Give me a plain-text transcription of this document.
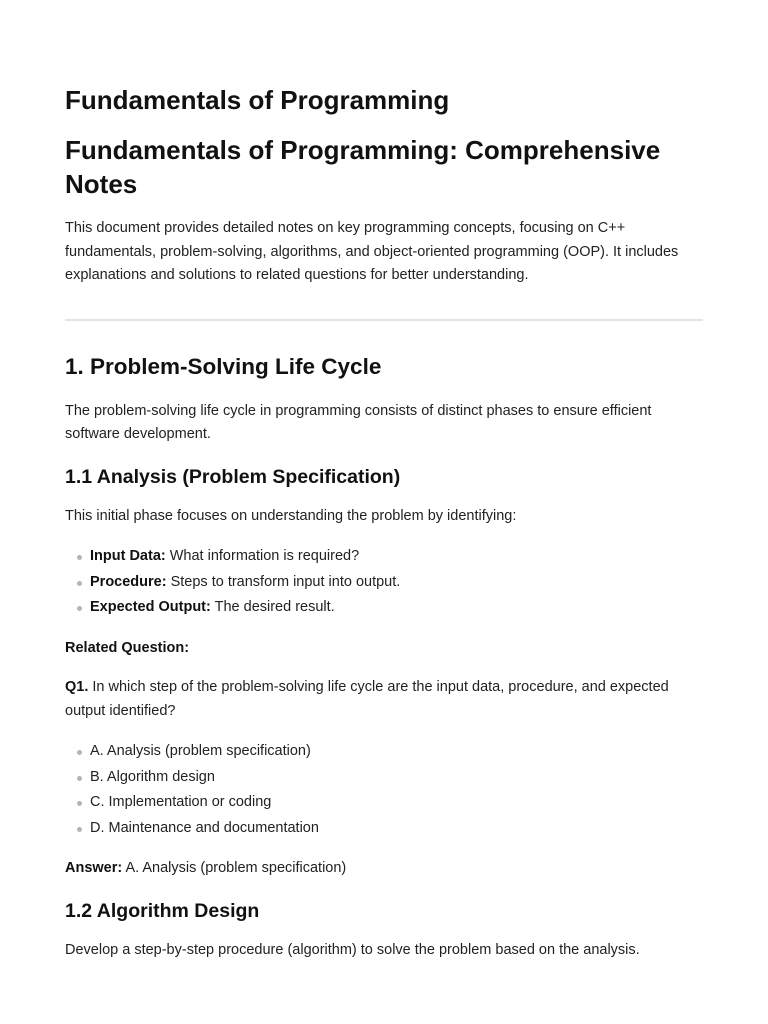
Fundamentals of Programming
Fundamentals of Programming: Comprehensive Notes

This document provides detailed notes on key programming concepts, focusing on C++ fundamentals, problem-solving, algorithms, and object-oriented programming (OOP). It includes explanations and solutions to related questions for better understanding.

1. Problem-Solving Life Cycle

The problem-solving life cycle in programming consists of distinct phases to ensure efficient software development.

1.1 Analysis (Problem Specification)

This initial phase focuses on understanding the problem by identifying:

Input Data: What information is required?
Procedure: Steps to transform input into output.
Expected Output: The desired result.

Related Question:

Q1. In which step of the problem-solving life cycle are the input data, procedure, and expected output identified?

A. Analysis (problem specification)
B. Algorithm design
C. Implementation or coding
D. Maintenance and documentation

Answer: A. Analysis (problem specification)

1.2 Algorithm Design

Develop a step-by-step procedure (algorithm) to solve the problem based on the analysis.
